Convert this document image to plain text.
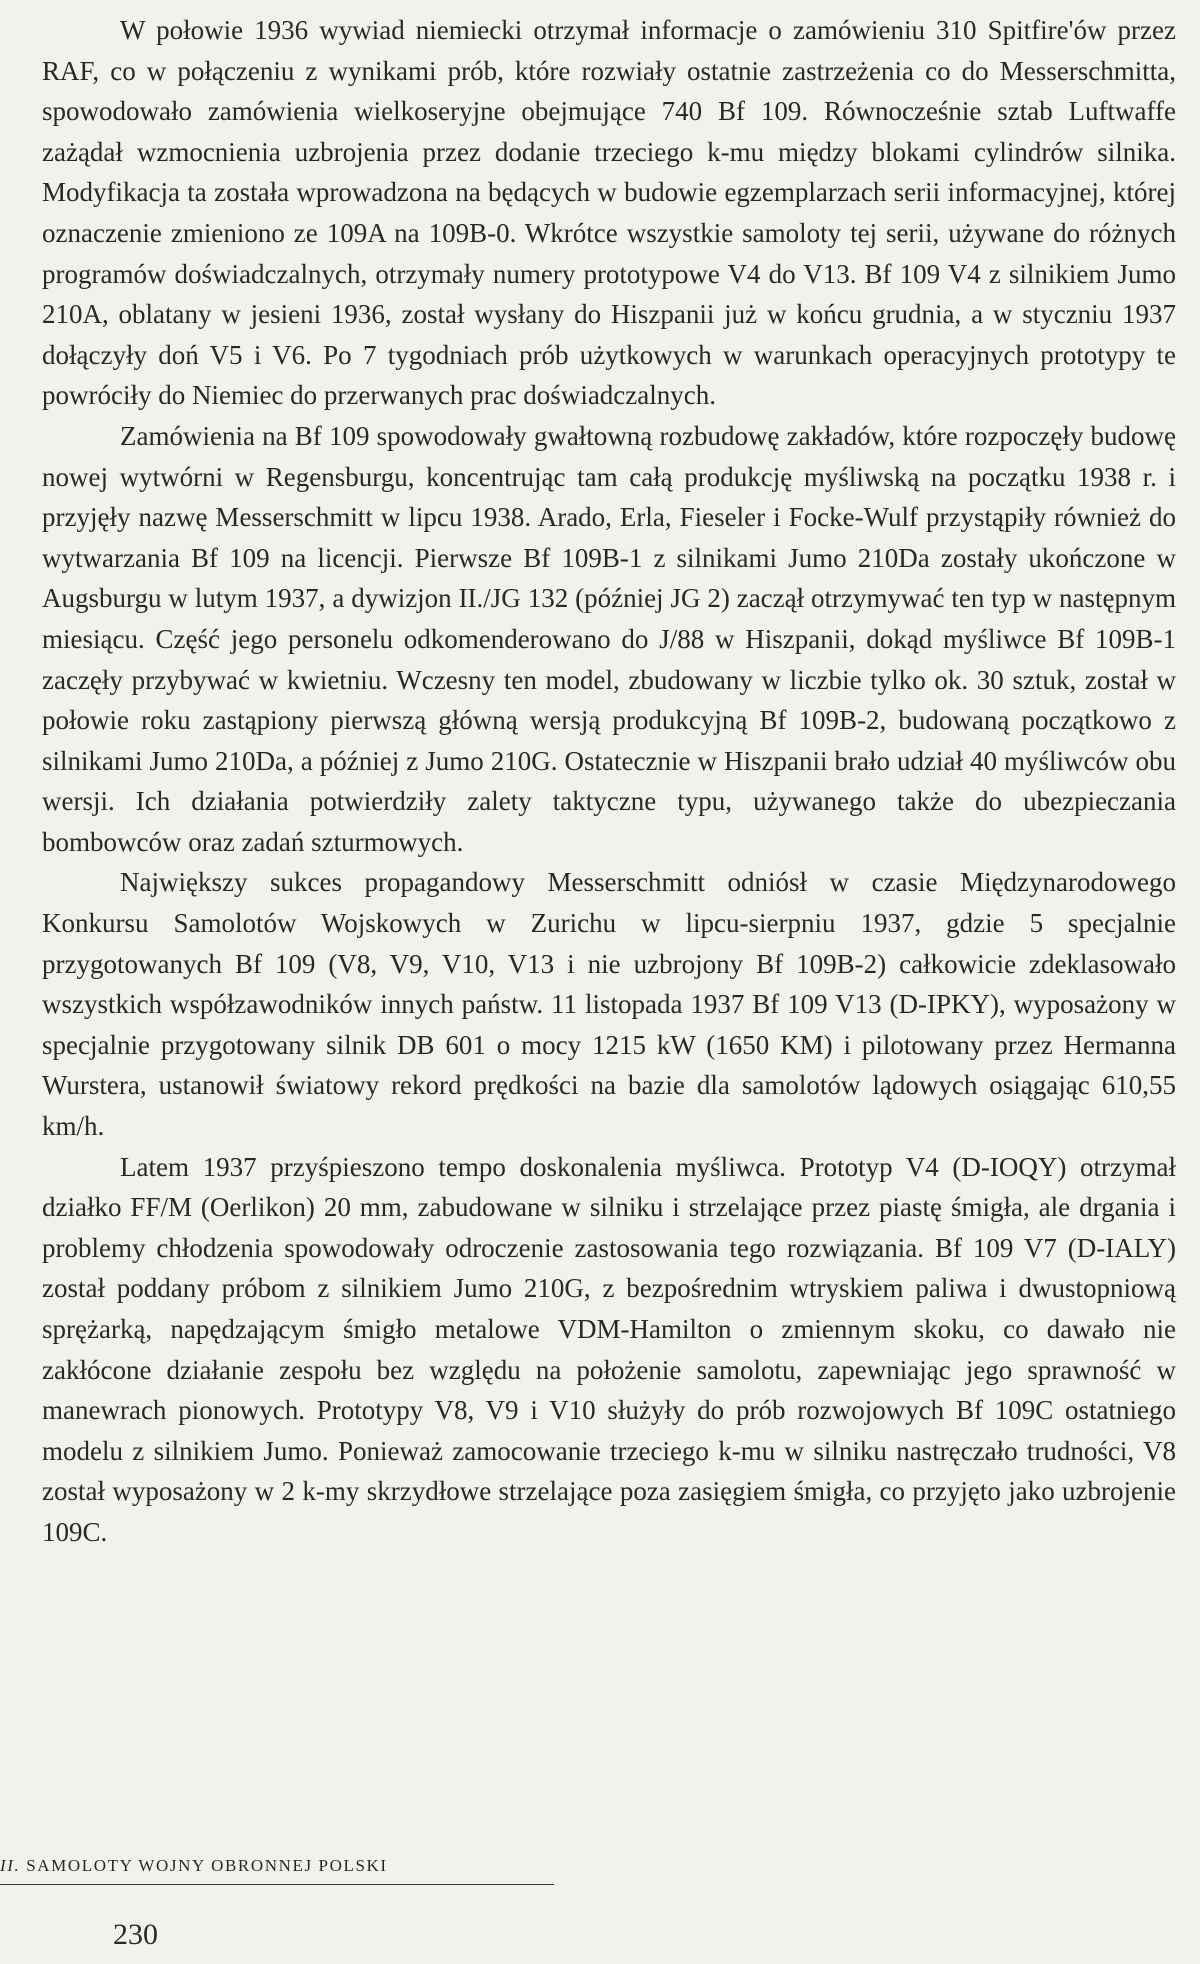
W połowie 1936 wywiad niemiecki otrzymał informacje o zamówieniu 310 Spitfire'ów przez RAF, co w połączeniu z wynikami prób, które rozwiały ostatnie zastrzeżenia co do Messerschmitta, spowodowało zamówienia wielkoseryjne obejmujące 740 Bf 109. Równocześnie sztab Luftwaffe zażądał wzmocnienia uzbrojenia przez dodanie trzeciego k-mu między blokami cylindrów silnika. Modyfikacja ta została wprowadzona na będących w budowie egzemplarzach serii informacyjnej, której oznaczenie zmieniono ze 109A na 109B-0. Wkrótce wszystkie samoloty tej serii, używane do różnych programów doświadczalnych, otrzymały numery prototypowe V4 do V13. Bf 109 V4 z silnikiem Jumo 210A, oblatany w jesieni 1936, został wysłany do Hiszpanii już w końcu grudnia, a w styczniu 1937 dołączyły doń V5 i V6. Po 7 tygodniach prób użytkowych w warunkach operacyjnych prototypy te powróciły do Niemiec do przerwanych prac doświadczalnych.

Zamówienia na Bf 109 spowodowały gwałtowną rozbudowę zakładów, które rozpoczęły budowę nowej wytwórni w Regensburgu, koncentrując tam całą produkcję myśliwską na początku 1938 r. i przyjęły nazwę Messerschmitt w lipcu 1938. Arado, Erla, Fieseler i Focke-Wulf przystąpiły również do wytwarzania Bf 109 na licencji. Pierwsze Bf 109B-1 z silnikami Jumo 210Da zostały ukończone w Augsburgu w lutym 1937, a dywizjon II./JG 132 (później JG 2) zaczął otrzymywać ten typ w następnym miesiącu. Część jego personelu odkomenderowano do J/88 w Hiszpanii, dokąd myśliwce Bf 109B-1 zaczęły przybywać w kwietniu. Wczesny ten model, zbudowany w liczbie tylko ok. 30 sztuk, został w połowie roku zastąpiony pierwszą główną wersją produkcyjną Bf 109B-2, budowaną początkowo z silnikami Jumo 210Da, a później z Jumo 210G. Ostatecznie w Hiszpanii brało udział 40 myśliwców obu wersji. Ich działania potwierdziły zalety taktyczne typu, używanego także do ubezpieczania bombowców oraz zadań szturmowych.

Największy sukces propagandowy Messerschmitt odniósł w czasie Międzynarodowego Konkursu Samolotów Wojskowych w Zurichu w lipcu-sierpniu 1937, gdzie 5 specjalnie przygotowanych Bf 109 (V8, V9, V10, V13 i nie uzbrojony Bf 109B-2) całkowicie zdeklasowało wszystkich współzawodników innych państw. 11 listopada 1937 Bf 109 V13 (D-IPKY), wyposażony w specjalnie przygotowany silnik DB 601 o mocy 1215 kW (1650 KM) i pilotowany przez Hermanna Wurstera, ustanowił światowy rekord prędkości na bazie dla samolotów lądowych osiągając 610,55 km/h.

Latem 1937 przyśpieszono tempo doskonalenia myśliwca. Prototyp V4 (D-IOQY) otrzymał działko FF/M (Oerlikon) 20 mm, zabudowane w silniku i strzelające przez piastę śmigła, ale drgania i problemy chłodzenia spowodowały odroczenie zastosowania tego rozwiązania. Bf 109 V7 (D-IALY) został poddany próbom z silnikiem Jumo 210G, z bezpośrednim wtryskiem paliwa i dwustopniową sprężarką, napędzającym śmigło metalowe VDM-Hamilton o zmiennym skoku, co dawało nie zakłócone działanie zespołu bez względu na położenie samolotu, zapewniając jego sprawność w manewrach pionowych. Prototypy V8, V9 i V10 służyły do prób rozwojowych Bf 109C ostatniego modelu z silnikiem Jumo. Ponieważ zamocowanie trzeciego k-mu w silniku nastręczało trudności, V8 został wyposażony w 2 k-my skrzydłowe strzelające poza zasięgiem śmigła, co przyjęto jako uzbrojenie 109C.

II. SAMOLOTY WOJNY OBRONNEJ POLSKI
230
